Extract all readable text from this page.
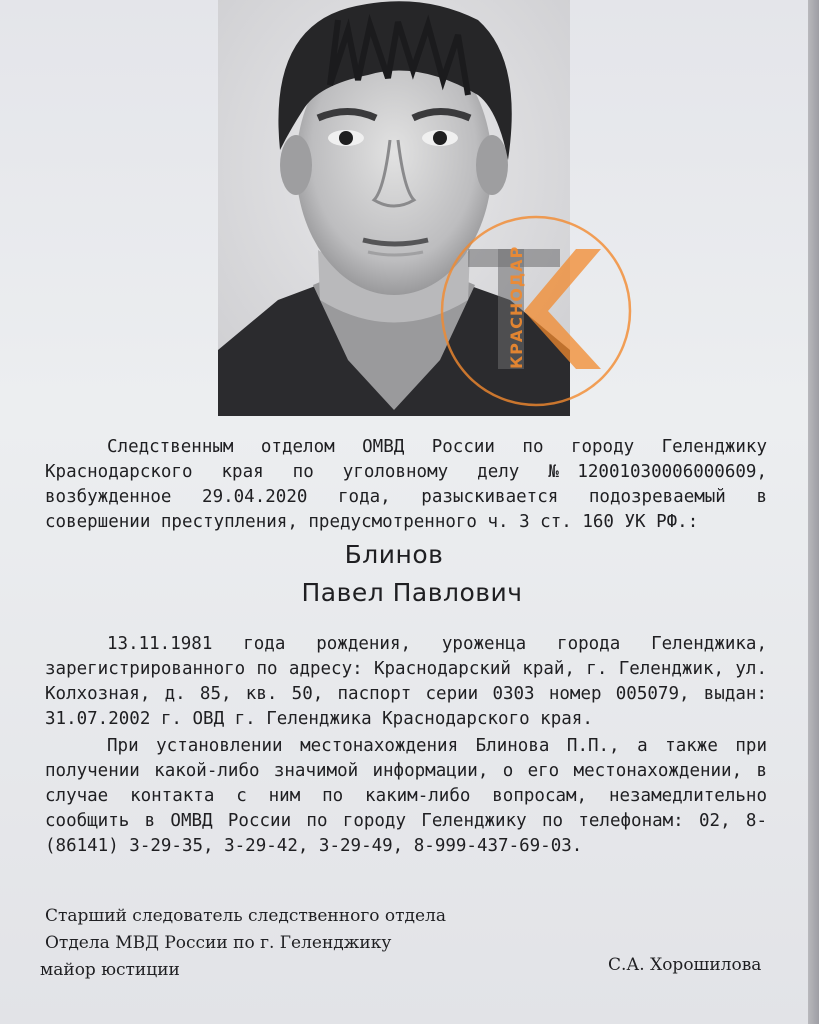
КРАСНОДАР
Следственным отделом ОМВД России по городу Геленджику Краснодарского края по уголовному делу №12001030006000609, возбужденное 29.04.2020 года, разыскивается подозреваемый в совершении преступления, предусмотренного ч. 3 ст. 160 УК РФ.:
Блинов
Павел Павлович
13.11.1981 года рождения, уроженца города Геленджика, зарегистрированного по адресу: Краснодарский край, г. Геленджик, ул. Колхозная, д. 85, кв. 50, паспорт серии 0303 номер 005079, выдан: 31.07.2002 г. ОВД г. Геленджика Краснодарского края.
При установлении местонахождения Блинова П.П., а также при получении какой-либо значимой информации, о его местонахождении, в случае контакта с ним по каким-либо вопросам, незамедлительно сообщить в ОМВД России по городу Геленджику по телефонам: 02, 8-(86141) 3-29-35, 3-29-42, 3-29-49, 8-999-437-69-03.
Старший следователь следственного отдела
Отдела МВД России по г. Геленджику
майор юстиции	С.А. Хорошилова
